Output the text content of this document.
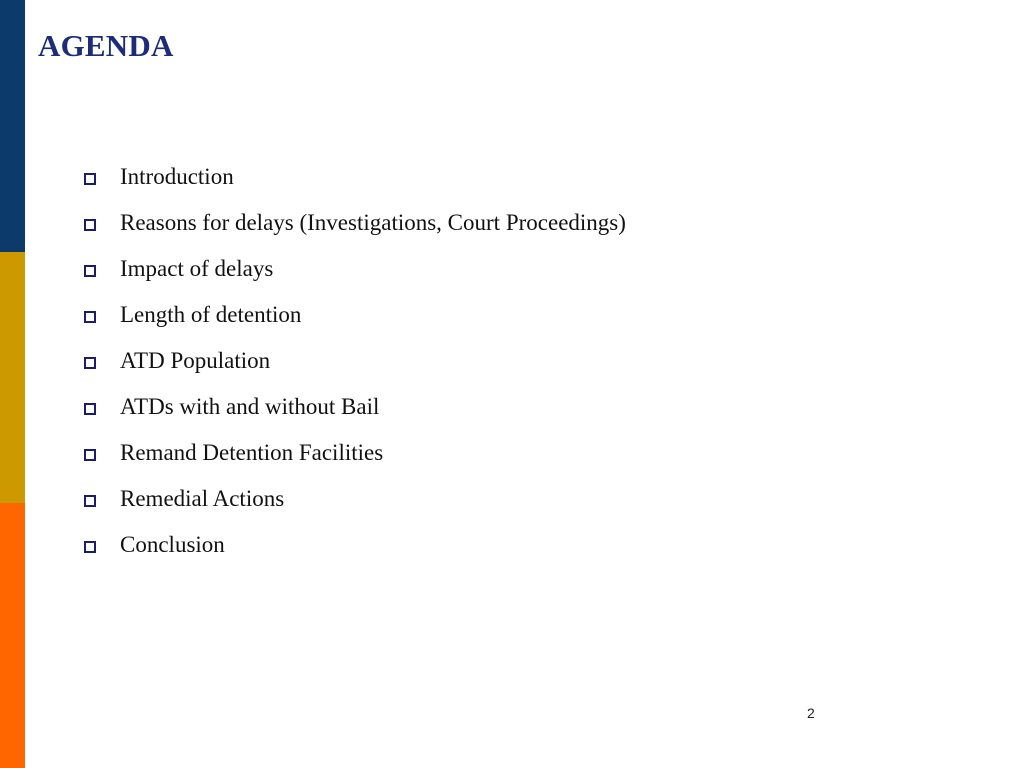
AGENDA
Introduction
Reasons for delays (Investigations, Court Proceedings)
Impact of delays
Length of detention
ATD Population
ATDs with and without Bail
Remand Detention Facilities
Remedial Actions
Conclusion
2
